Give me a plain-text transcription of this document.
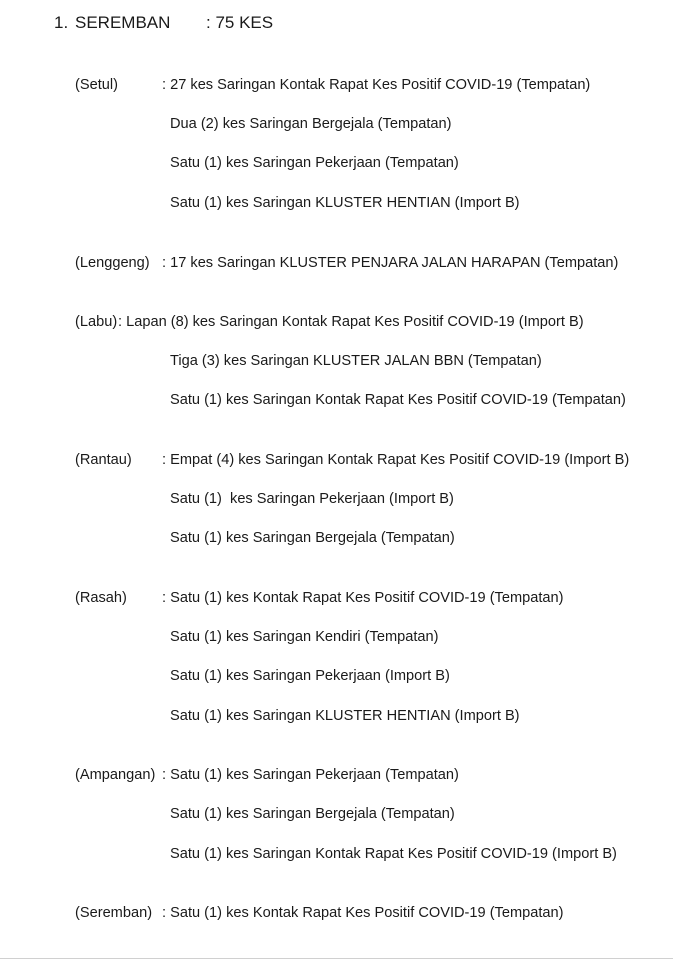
1. SEREMBAN : 75 KES
(Setul)	: 27 kes Saringan Kontak Rapat Kes Positif COVID-19 (Tempatan)
Dua (2) kes Saringan Bergejala (Tempatan)
Satu (1) kes Saringan Pekerjaan (Tempatan)
Satu (1) kes Saringan KLUSTER HENTIAN (Import B)
(Lenggeng) : 17 kes Saringan KLUSTER PENJARA JALAN HARAPAN (Tempatan)
(Labu) : Lapan (8) kes Saringan Kontak Rapat Kes Positif COVID-19 (Import B)
Tiga (3) kes Saringan KLUSTER JALAN BBN (Tempatan)
Satu (1) kes Saringan Kontak Rapat Kes Positif COVID-19 (Tempatan)
(Rantau) : Empat (4) kes Saringan Kontak Rapat Kes Positif COVID-19 (Import B)
Satu (1)  kes Saringan Pekerjaan (Import B)
Satu (1) kes Saringan Bergejala (Tempatan)
(Rasah) : Satu (1) kes Kontak Rapat Kes Positif COVID-19 (Tempatan)
Satu (1) kes Saringan Kendiri (Tempatan)
Satu (1) kes Saringan Pekerjaan (Import B)
Satu (1) kes Saringan KLUSTER HENTIAN (Import B)
(Ampangan) : Satu (1) kes Saringan Pekerjaan (Tempatan)
Satu (1) kes Saringan Bergejala (Tempatan)
Satu (1) kes Saringan Kontak Rapat Kes Positif COVID-19 (Import B)
(Seremban) : Satu (1) kes Kontak Rapat Kes Positif COVID-19 (Tempatan)
